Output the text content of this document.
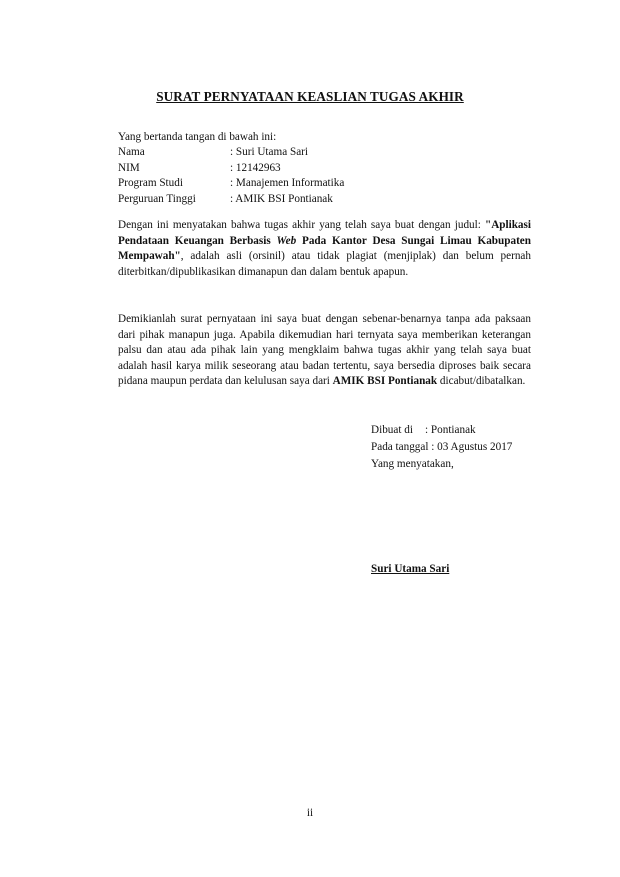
SURAT PERNYATAAN KEASLIAN TUGAS AKHIR
Yang bertanda tangan di bawah ini:
Nama	: Suri Utama Sari
NIM	: 12142963
Program Studi	: Manajemen Informatika
Perguruan Tinggi	: AMIK BSI Pontianak

Dengan ini menyatakan bahwa tugas akhir yang telah saya buat dengan judul: "Aplikasi Pendataan Keuangan Berbasis Web Pada Kantor Desa Sungai Limau Kabupaten Mempawah", adalah asli (orsinil) atau tidak plagiat (menjiplak) dan belum pernah diterbitkan/dipublikasikan dimanapun dan dalam bentuk apapun.

Demikianlah surat pernyataan ini saya buat dengan sebenar-benarnya tanpa ada paksaan dari pihak manapun juga. Apabila dikemudian hari ternyata saya memberikan keterangan palsu dan atau ada pihak lain yang mengklaim bahwa tugas akhir yang telah saya buat adalah hasil karya milik seseorang atau badan tertentu, saya bersedia diproses baik secara pidana maupun perdata dan kelulusan saya dari AMIK BSI Pontianak dicabut/dibatalkan.

Dibuat di	: Pontianak
Pada tanggal : 03 Agustus 2017
Yang menyatakan,
Suri Utama Sari
ii
